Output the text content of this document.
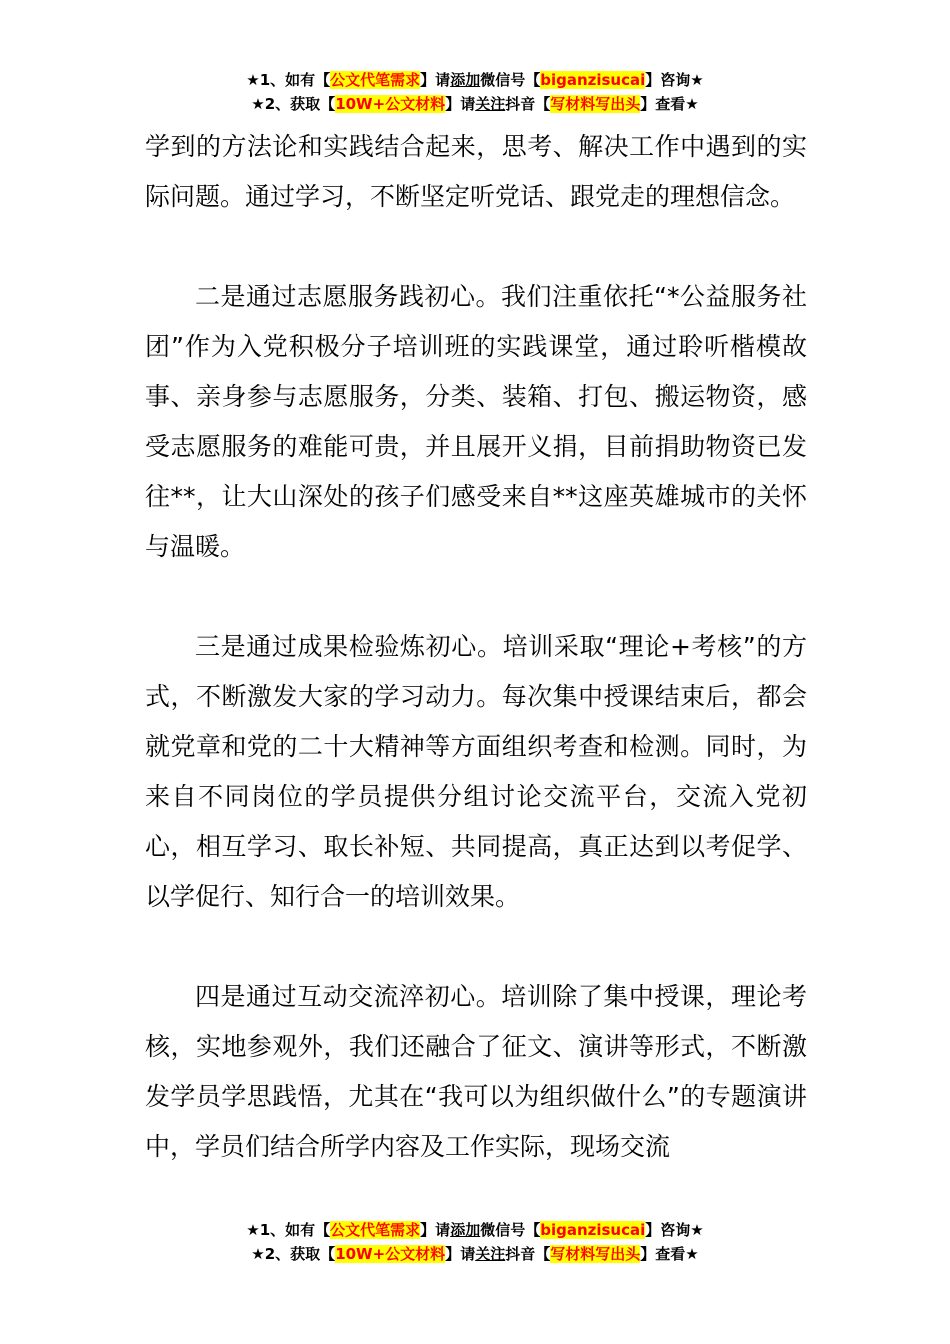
★1、如有【公文代笔需求】请添加微信号【biganzisucai】咨询★
★2、获取【10W+公文材料】请关注抖音【写材料写出头】查看★

学到的方法论和实践结合起来，思考、解决工作中遇到的实际问题。通过学习，不断坚定听党话、跟党走的理想信念。

二是通过志愿服务践初心。我们注重依托“*公益服务社团”作为入党积极分子培训班的实践课堂，通过聆听楷模故事、亲身参与志愿服务，分类、装箱、打包、搬运物资，感受志愿服务的难能可贵，并且展开义捐，目前捐助物资已发往**，让大山深处的孩子们感受来自**这座英雄城市的关怀与温暖。

三是通过成果检验炼初心。培训采取“理论+考核”的方式，不断激发大家的学习动力。每次集中授课结束后，都会就党章和党的二十大精神等方面组织考查和检测。同时，为来自不同岗位的学员提供分组讨论交流平台，交流入党初心，相互学习、取长补短、共同提高，真正达到以考促学、以学促行、知行合一的培训效果。

四是通过互动交流淬初心。培训除了集中授课，理论考核，实地参观外，我们还融合了征文、演讲等形式，不断激发学员学思践悟，尤其在“我可以为组织做什么”的专题演讲中，学员们结合所学内容及工作实际，现场交流

★1、如有【公文代笔需求】请添加微信号【biganzisucai】咨询★
★2、获取【10W+公文材料】请关注抖音【写材料写出头】查看★
